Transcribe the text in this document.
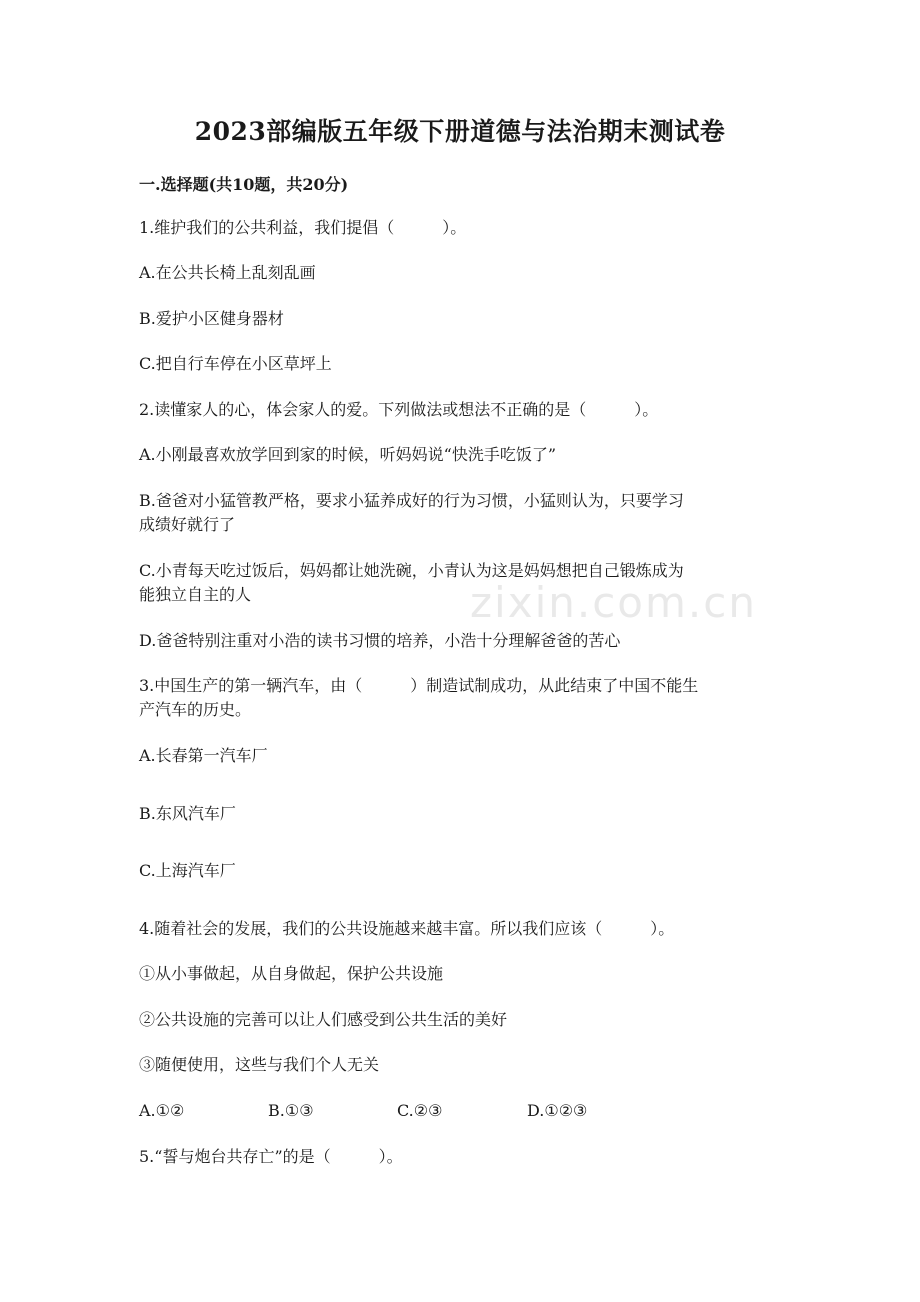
zixin.com.cn
2023部编版五年级下册道德与法治期末测试卷
一.选择题(共10题，共20分)
1.维护我们的公共利益，我们提倡（　　　）。
A.在公共长椅上乱刻乱画
B.爱护小区健身器材
C.把自行车停在小区草坪上
2.读懂家人的心，体会家人的爱。下列做法或想法不正确的是（　　　）。
A.小刚最喜欢放学回到家的时候，听妈妈说“快洗手吃饭了”
B.爸爸对小猛管教严格，要求小猛养成好的行为习惯，小猛则认为，只要学习
成绩好就行了
C.小青每天吃过饭后，妈妈都让她洗碗，小青认为这是妈妈想把自己锻炼成为
能独立自主的人
D.爸爸特别注重对小浩的读书习惯的培养，小浩十分理解爸爸的苦心
3.中国生产的第一辆汽车，由（　　　）制造试制成功，从此结束了中国不能生
产汽车的历史。
A.长春第一汽车厂
B.东风汽车厂
C.上海汽车厂
4.随着社会的发展，我们的公共设施越来越丰富。所以我们应该（　　　）。
①从小事做起，从自身做起，保护公共设施
②公共设施的完善可以让人们感受到公共生活的美好
③随便使用，这些与我们个人无关
A.①②	B.①③	C.②③	D.①②③
5.“誓与炮台共存亡”的是（　　　）。
